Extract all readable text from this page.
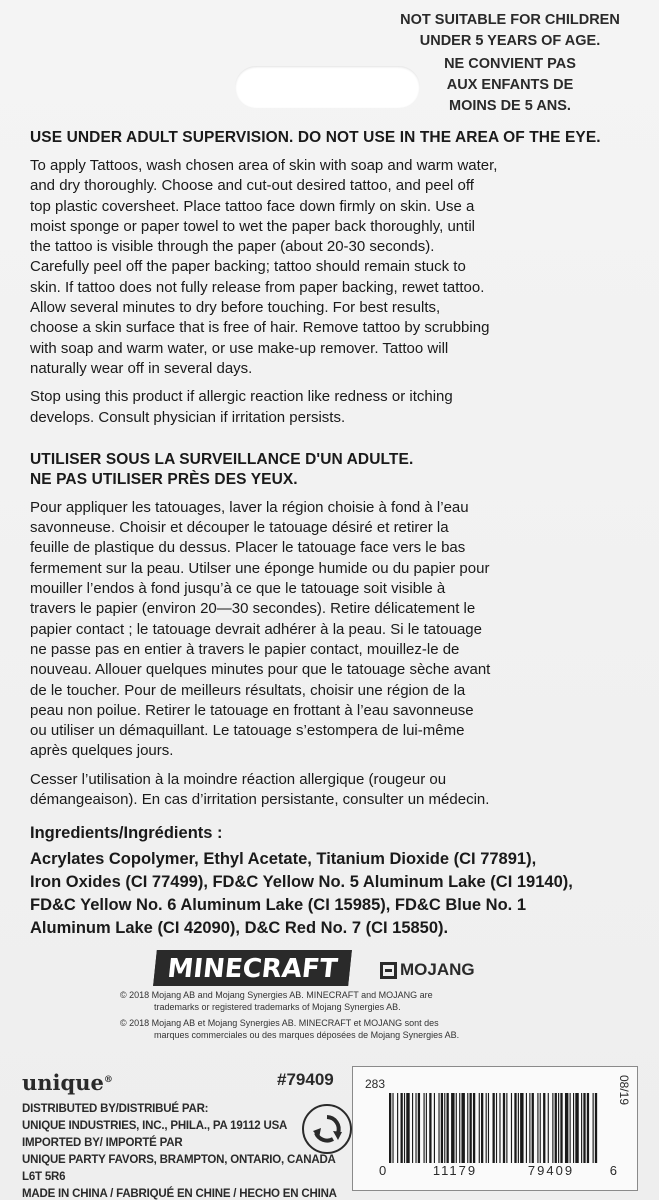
NOT SUITABLE FOR CHILDREN
UNDER 5 YEARS OF AGE.
NE CONVIENT PAS
AUX ENFANTS DE
MOINS DE 5 ANS.
USE UNDER ADULT SUPERVISION. DO NOT USE IN THE AREA OF THE EYE.
To apply Tattoos, wash chosen area of skin with soap and warm water,
and dry thoroughly. Choose and cut-out desired tattoo, and peel off
top plastic coversheet. Place tattoo face down firmly on skin. Use a
moist sponge or paper towel to wet the paper back thoroughly, until
the tattoo is visible through the paper (about 20-30 seconds).
Carefully peel off the paper backing; tattoo should remain stuck to
skin. If tattoo does not fully release from paper backing, rewet tattoo.
Allow several minutes to dry before touching. For best results,
choose a skin surface that is free of hair. Remove tattoo by scrubbing
with soap and warm water, or use make-up remover. Tattoo will
naturally wear off in several days.
Stop using this product if allergic reaction like redness or itching
develops. Consult physician if irritation persists.
UTILISER SOUS LA SURVEILLANCE D'UN ADULTE.
NE PAS UTILISER PRÈS DES YEUX.
Pour appliquer les tatouages, laver la région choisie à fond à l’eau
savonneuse. Choisir et découper le tatouage désiré et retirer la
feuille de plastique du dessus. Placer le tatouage face vers le bas
fermement sur la peau. Utilser une éponge humide ou du papier pour
mouiller l’endos à fond jusqu’à ce que le tatouage soit visible à
travers le papier (environ 20—30 secondes). Retire délicatement le
papier contact ; le tatouage devrait adhérer à la peau. Si le tatouage
ne passe pas en entier à travers le papier contact, mouillez-le de
nouveau. Allouer quelques minutes pour que le tatouage sèche avant
de le toucher. Pour de meilleurs résultats, choisir une région de la
peau non poilue. Retirer le tatouage en frottant à l’eau savonneuse
ou utiliser un démaquillant. Le tatouage s’estompera de lui-même
après quelques jours.
Cesser l’utilisation à la moindre réaction allergique (rougeur ou
démangeaison). En cas d’irritation persistante, consulter un médecin.
Ingredients/Ingrédients :
Acrylates Copolymer, Ethyl Acetate, Titanium Dioxide (CI 77891),
Iron Oxides (CI 77499), FD&C Yellow No. 5 Aluminum Lake (CI 19140),
FD&C Yellow No. 6 Aluminum Lake (CI 15985), FD&C Blue No. 1
Aluminum Lake (CI 42090), D&C Red No. 7 (CI 15850).
MINECRAFT	MOJANG
© 2018 Mojang AB and Mojang Synergies AB. MINECRAFT and MOJANG are
trademarks or registered trademarks of Mojang Synergies AB.
© 2018 Mojang AB et Mojang Synergies AB. MINECRAFT et MOJANG sont des
marques commerciales ou des marques déposées de Mojang Synergies AB.
unique®	#79409
DISTRIBUTED BY/DISTRIBUÉ PAR:
UNIQUE INDUSTRIES, INC., PHILA., PA 19112 USA
IMPORTED BY/ IMPORTÉ PAR
UNIQUE PARTY FAVORS, BRAMPTON, ONTARIO, CANADA L6T 5R6
MADE IN CHINA / FABRIQUÉ EN CHINE / HECHO EN CHINA
283	08/19
0	11179	79409	6
